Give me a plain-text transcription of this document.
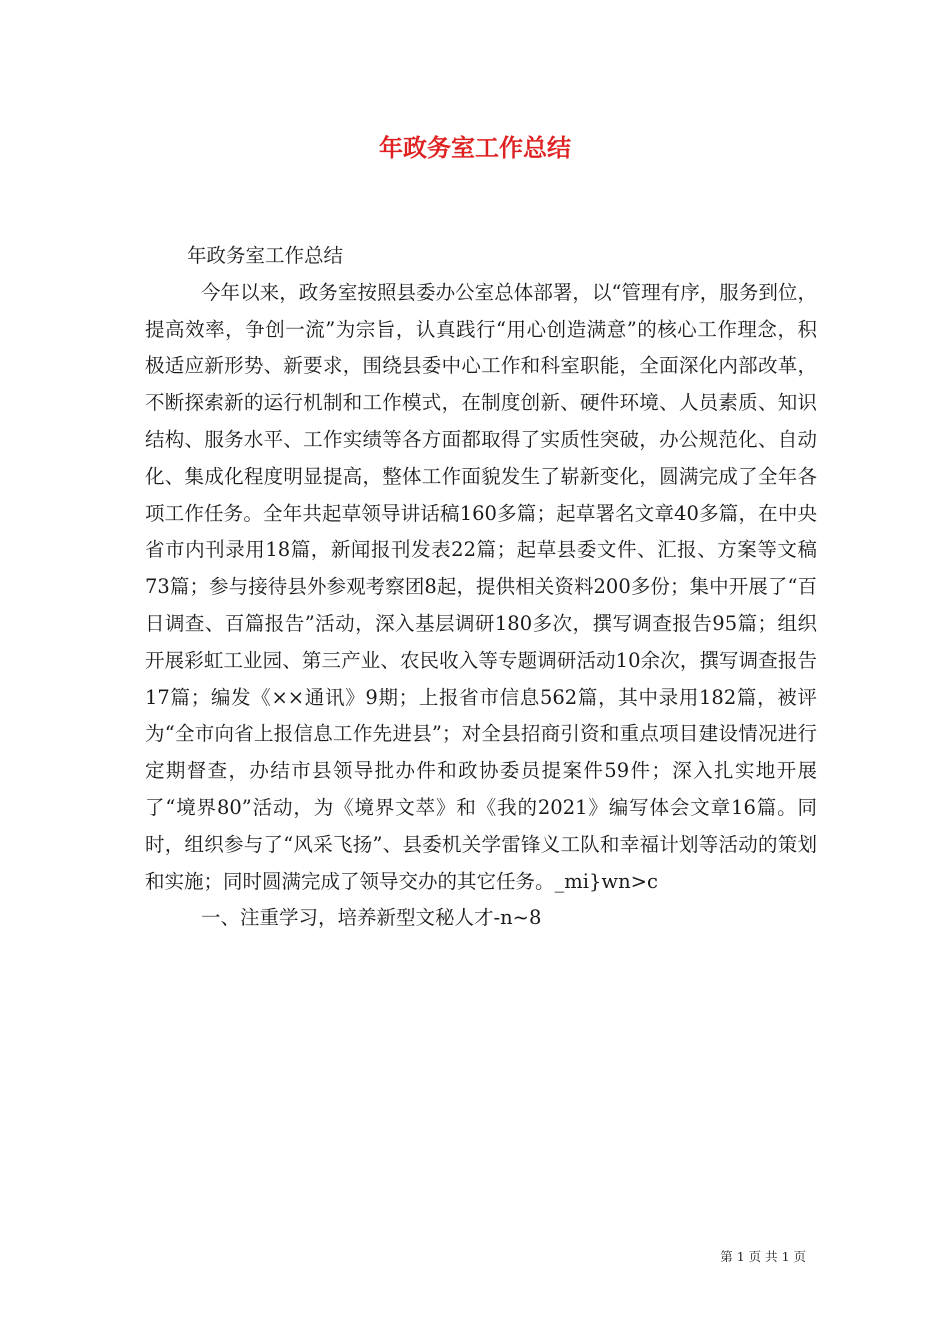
年政务室工作总结

年政务室工作总结

今年以来，政务室按照县委办公室总体部署，以“管理有序，服务到位，提高效率，争创一流”为宗旨，认真践行“用心创造满意”的核心工作理念，积极适应新形势、新要求，围绕县委中心工作和科室职能，全面深化内部改革，不断探索新的运行机制和工作模式，在制度创新、硬件环境、人员素质、知识结构、服务水平、工作实绩等各方面都取得了实质性突破，办公规范化、自动化、集成化程度明显提高，整体工作面貌发生了崭新变化，圆满完成了全年各项工作任务。全年共起草领导讲话稿160多篇；起草署名文章40多篇，在中央省市内刊录用18篇，新闻报刊发表22篇；起草县委文件、汇报、方案等文稿73篇；参与接待县外参观考察团8起，提供相关资料200多份；集中开展了“百日调查、百篇报告”活动，深入基层调研180多次，撰写调查报告95篇；组织开展彩虹工业园、第三产业、农民收入等专题调研活动10余次，撰写调查报告17篇；编发《××通讯》9期；上报省市信息562篇，其中录用182篇，被评为“全市向省上报信息工作先进县”；对全县招商引资和重点项目建设情况进行定期督查，办结市县领导批办件和政协委员提案件59件；深入扎实地开展了“境界80”活动，为《境界文萃》和《我的2021》编写体会文章16篇。同时，组织参与了“风采飞扬”、县委机关学雷锋义工队和幸福计划等活动的策划和实施；同时圆满完成了领导交办的其它任务。_mi}wn>c

一、注重学习，培养新型文秘人才-n~8

第 1 页 共 1 页
